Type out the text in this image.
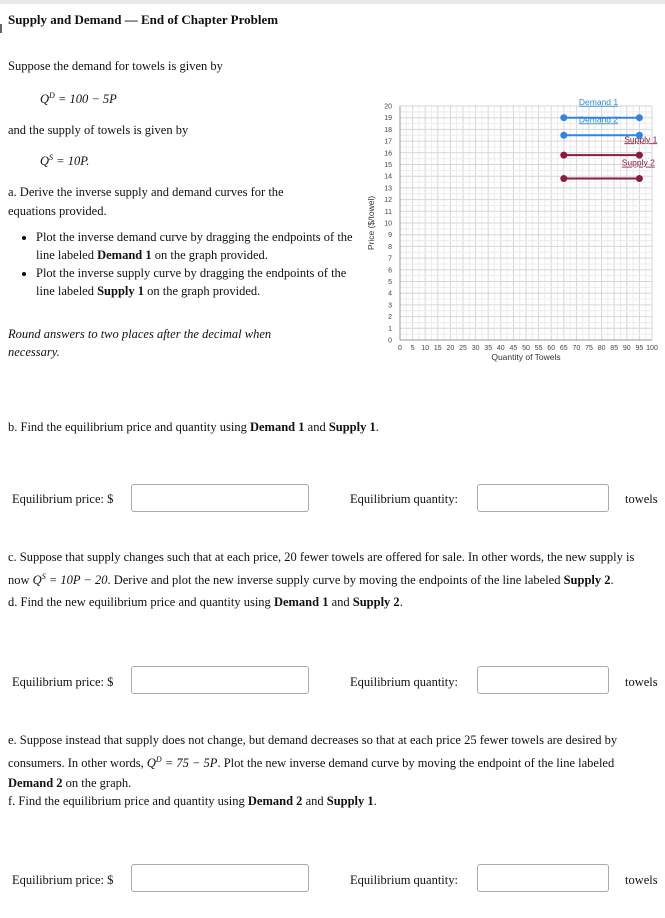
Supply and Demand — End of Chapter Problem

Suppose the demand for towels is given by

$Q^D = 100 - 5P$

and the supply of towels is given by

$Q^S = 10P$.

a. Derive the inverse supply and demand curves for the equations provided.

• Plot the inverse demand curve by dragging the endpoints of the line labeled Demand 1 on the graph provided.
• Plot the inverse supply curve by dragging the endpoints of the line labeled Supply 1 on the graph provided.

Round answers to two places after the decimal when necessary.

0
1
2
3
4
5
6
7
8
9
10
11
12
13
14
15
16
17
18
19
20
0 5 10 15 20 25 30 35 40 45 50 55 60 65 70 75 80 85 90 95 100
Quantity of Towels
Price ($/towel)
Demand 1
Demand 2
Supply 1
Supply 2

b. Find the equilibrium price and quantity using Demand 1 and Supply 1.

Equilibrium price: $	Equilibrium quantity:	towels

c. Suppose that supply changes such that at each price, 20 fewer towels are offered for sale. In other words, the new supply is now $Q^S = 10P - 20$. Derive and plot the new inverse supply curve by moving the endpoints of the line labeled Supply 2.

d. Find the new equilibrium price and quantity using Demand 1 and Supply 2.

Equilibrium price: $	Equilibrium quantity:	towels

e. Suppose instead that supply does not change, but demand decreases so that at each price 25 fewer towels are desired by consumers. In other words, $Q^D = 75 - 5P$. Plot the new inverse demand curve by moving the endpoint of the line labeled Demand 2 on the graph.

f. Find the equilibrium price and quantity using Demand 2 and Supply 1.

Equilibrium price: $	Equilibrium quantity:	towels
